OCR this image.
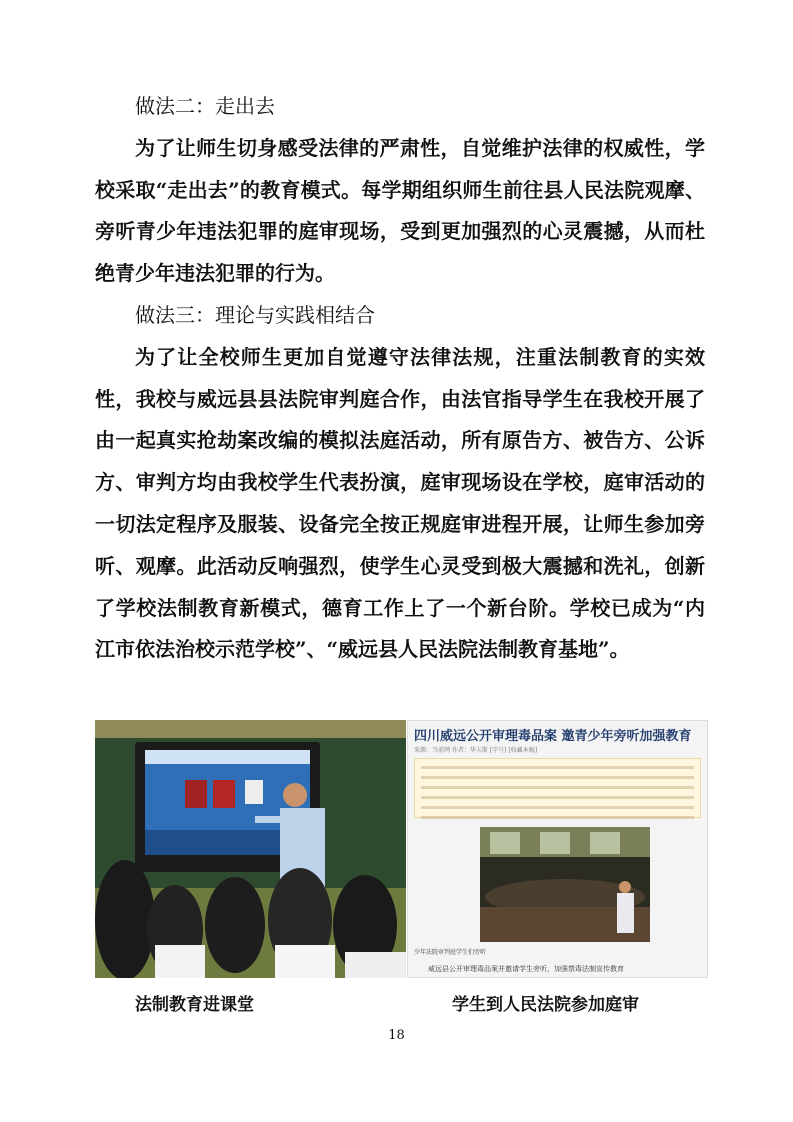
做法二：走出去

为了让师生切身感受法律的严肃性，自觉维护法律的权威性，学校采取“走出去”的教育模式。每学期组织师生前往县人民法院观摩、旁听青少年违法犯罪的庭审现场，受到更加强烈的心灵震撼，从而杜绝青少年违法犯罪的行为。

做法三：理论与实践相结合

为了让全校师生更加自觉遵守法律法规，注重法制教育的实效性，我校与威远县县法院审判庭合作，由法官指导学生在我校开展了由一起真实抢劫案改编的模拟法庭活动，所有原告方、被告方、公诉方、审判方均由我校学生代表扮演，庭审现场设在学校，庭审活动的一切法定程序及服装、设备完全按正规庭审进程开展，让师生参加旁听、观摩。此活动反响强烈，使学生心灵受到极大震撼和洗礼，创新了学校法制教育新模式，德育工作上了一个新台阶。学校已成为“内江市依法治校示范学校”、“威远县人民法院法制教育基地”。

四川威远公开审理毒品案 邀青少年旁听加强教育
来源：当前网 作者：华夫斯 [字号] [收藏本稿]
少年法院审判庭学生们旁听
威远县公开审理毒品案并邀请学生旁听，加强禁毒法制宣传教育
法制教育进课堂	学生到人民法院参加庭审
18
